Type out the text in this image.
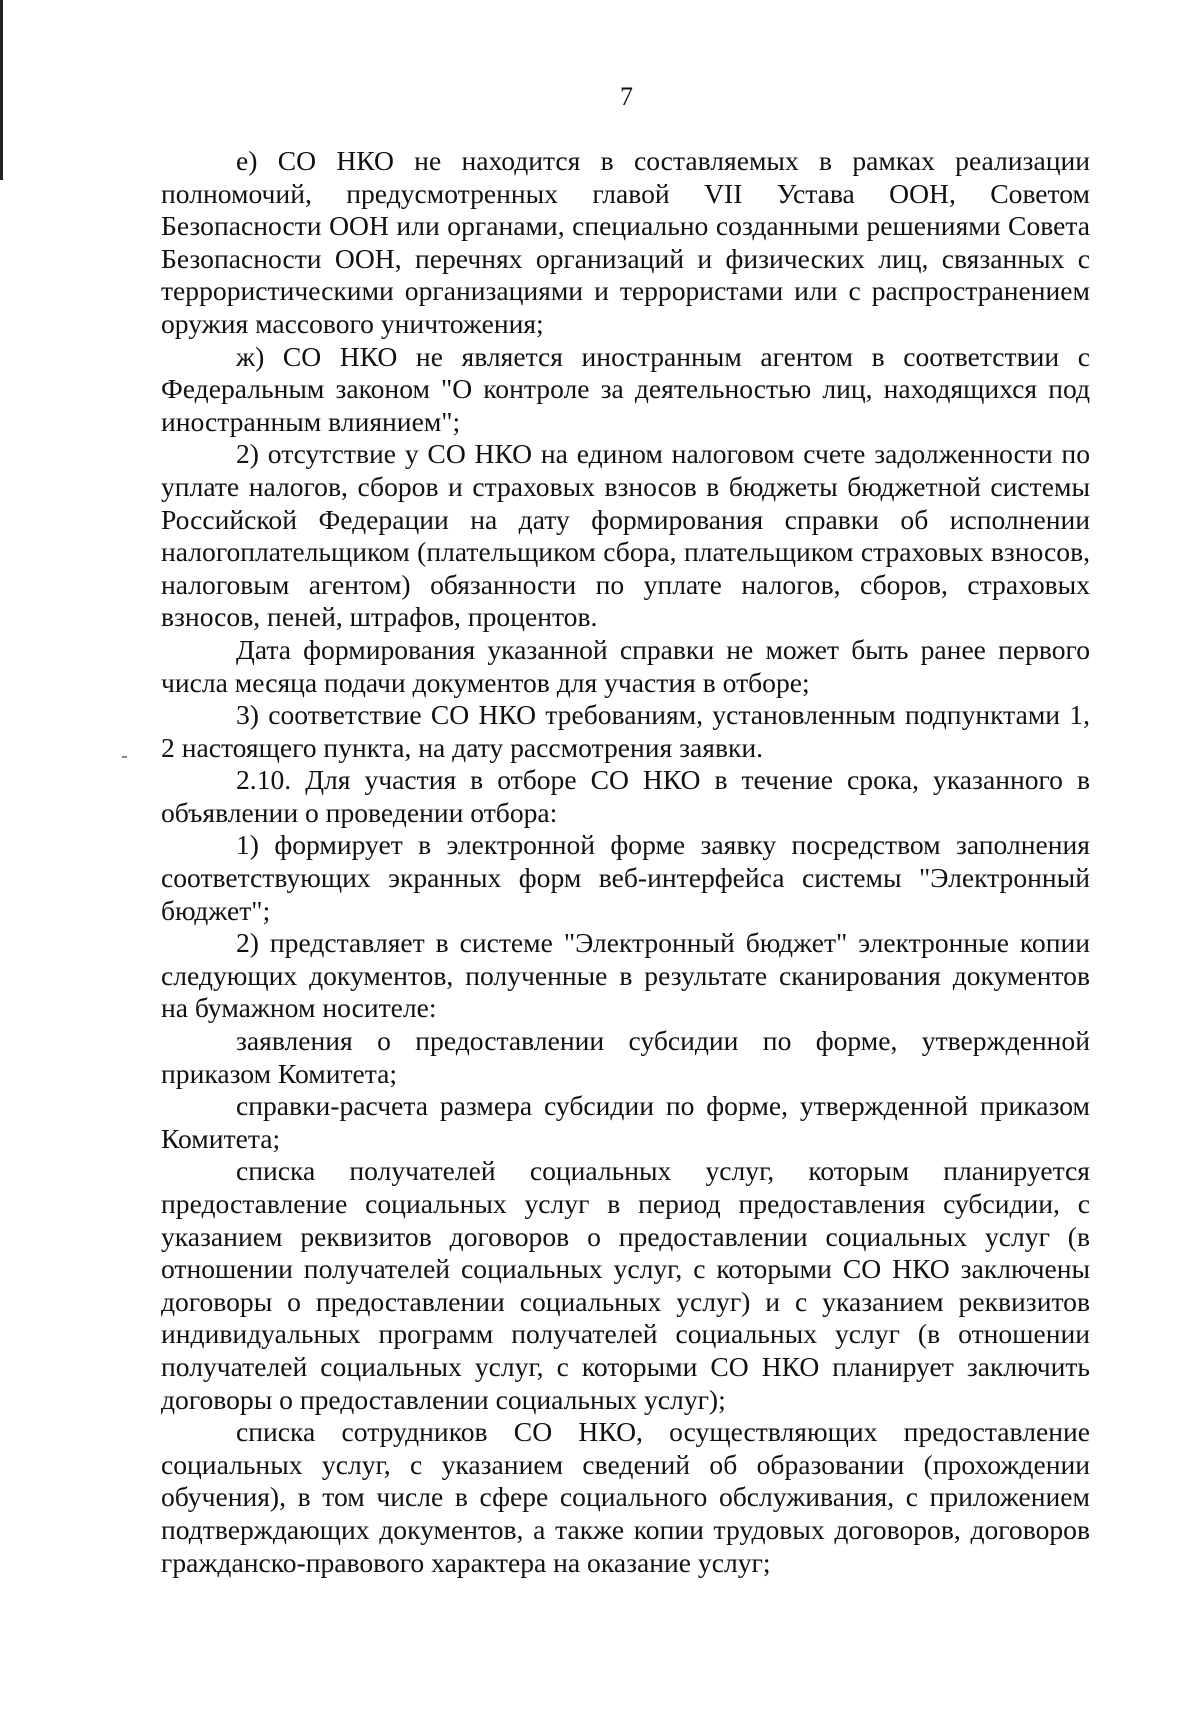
7

е) СО НКО не находится в составляемых в рамках реализации полномочий, предусмотренных главой VII Устава ООН, Советом Безопасности ООН или органами, специально созданными решениями Совета Безопасности ООН, перечнях организаций и физических лиц, связанных с террористическими организациями и террористами или с распространением оружия массового уничтожения;

ж) СО НКО не является иностранным агентом в соответствии с Федеральным законом "О контроле за деятельностью лиц, находящихся под иностранным влиянием";

2) отсутствие у СО НКО на едином налоговом счете задолженности по уплате налогов, сборов и страховых взносов в бюджеты бюджетной системы Российской Федерации на дату формирования справки об исполнении налогоплательщиком (плательщиком сбора, плательщиком страховых взносов, налоговым агентом) обязанности по уплате налогов, сборов, страховых взносов, пеней, штрафов, процентов.

Дата формирования указанной справки не может быть ранее первого числа месяца подачи документов для участия в отборе;

3) соответствие СО НКО требованиям, установленным подпунктами 1, 2 настоящего пункта, на дату рассмотрения заявки.

2.10. Для участия в отборе СО НКО в течение срока, указанного в объявлении о проведении отбора:

1) формирует в электронной форме заявку посредством заполнения соответствующих экранных форм веб-интерфейса системы "Электронный бюджет";

2) представляет в системе "Электронный бюджет" электронные копии следующих документов, полученные в результате сканирования документов на бумажном носителе:

заявления о предоставлении субсидии по форме, утвержденной приказом Комитета;

справки-расчета размера субсидии по форме, утвержденной приказом Комитета;

списка получателей социальных услуг, которым планируется предоставление социальных услуг в период предоставления субсидии, с указанием реквизитов договоров о предоставлении социальных услуг (в отношении получателей социальных услуг, с которыми СО НКО заключены договоры о предоставлении социальных услуг) и с указанием реквизитов индивидуальных программ получателей социальных услуг (в отношении получателей социальных услуг, с которыми СО НКО планирует заключить договоры о предоставлении социальных услуг);

списка сотрудников СО НКО, осуществляющих предоставление социальных услуг, с указанием сведений об образовании (прохождении обучения), в том числе в сфере социального обслуживания, с приложением подтверждающих документов, а также копии трудовых договоров, договоров гражданско-правового характера на оказание услуг;
